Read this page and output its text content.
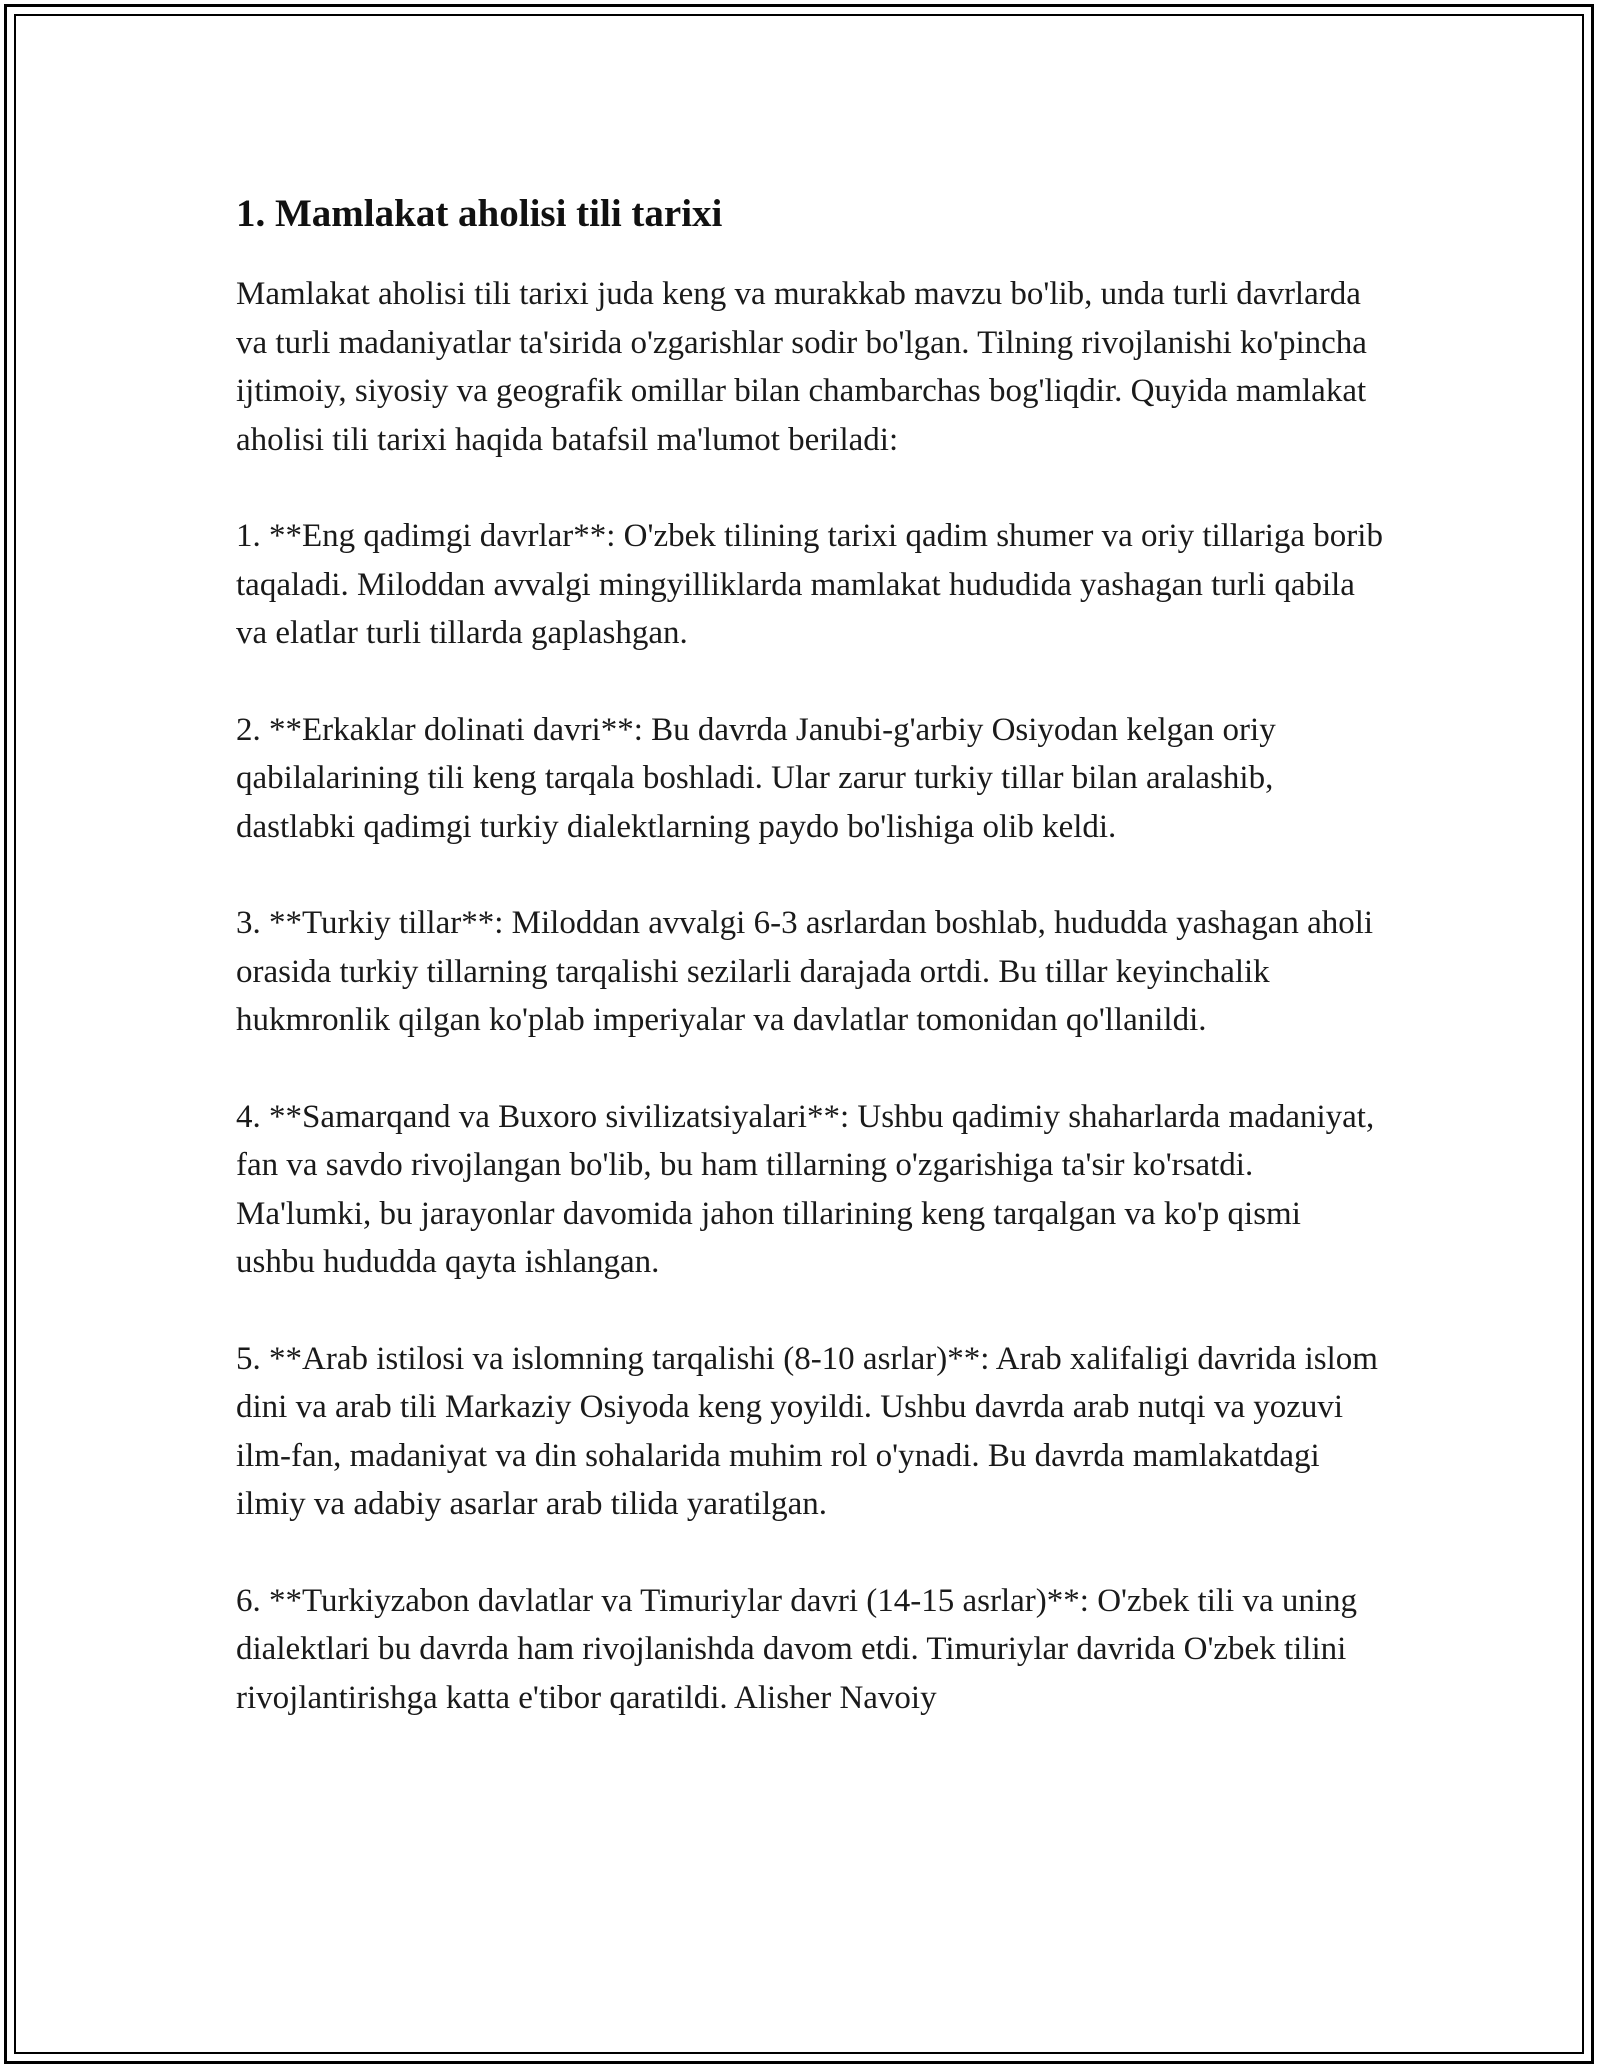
1. Mamlakat aholisi tili tarixi

Mamlakat aholisi tili tarixi juda keng va murakkab mavzu bo'lib, unda turli davrlarda va turli madaniyatlar ta'sirida o'zgarishlar sodir bo'lgan. Tilning rivojlanishi ko'pincha ijtimoiy, siyosiy va geografik omillar bilan chambarchas bog'liqdir. Quyida mamlakat aholisi tili tarixi haqida batafsil ma'lumot beriladi:

1. **Eng qadimgi davrlar**: O'zbek tilining tarixi qadim shumer va oriy tillariga borib taqaladi. Miloddan avvalgi mingyilliklarda mamlakat hududida yashagan turli qabila va elatlar turli tillarda gaplashgan.

2. **Erkaklar dolinati davri**: Bu davrda Janubi-g'arbiy Osiyodan kelgan oriy qabilalarining tili keng tarqala boshladi. Ular zarur turkiy tillar bilan aralashib, dastlabki qadimgi turkiy dialektlarning paydo bo'lishiga olib keldi.

3. **Turkiy tillar**: Miloddan avvalgi 6-3 asrlardan boshlab, hududda yashagan aholi orasida turkiy tillarning tarqalishi sezilarli darajada ortdi. Bu tillar keyinchalik hukmronlik qilgan ko'plab imperiyalar va davlatlar tomonidan qo'llanildi.

4. **Samarqand va Buxoro sivilizatsiyalari**: Ushbu qadimiy shaharlarda madaniyat, fan va savdo rivojlangan bo'lib, bu ham tillarning o'zgarishiga ta'sir ko'rsatdi. Ma'lumki, bu jarayonlar davomida jahon tillarining keng tarqalgan va ko'p qismi ushbu hududda qayta ishlangan.

5. **Arab istilosi va islomning tarqalishi (8-10 asrlar)**: Arab xalifaligi davrida islom dini va arab tili Markaziy Osiyoda keng yoyildi. Ushbu davrda arab nutqi va yozuvi ilm-fan, madaniyat va din sohalarida muhim rol o'ynadi. Bu davrda mamlakatdagi ilmiy va adabiy asarlar arab tilida yaratilgan.

6. **Turkiyzabon davlatlar va Timuriylar davri (14-15 asrlar)**: O'zbek tili va uning dialektlari bu davrda ham rivojlanishda davom etdi. Timuriylar davrida O'zbek tilini rivojlantirishga katta e'tibor qaratildi. Alisher Navoiy
